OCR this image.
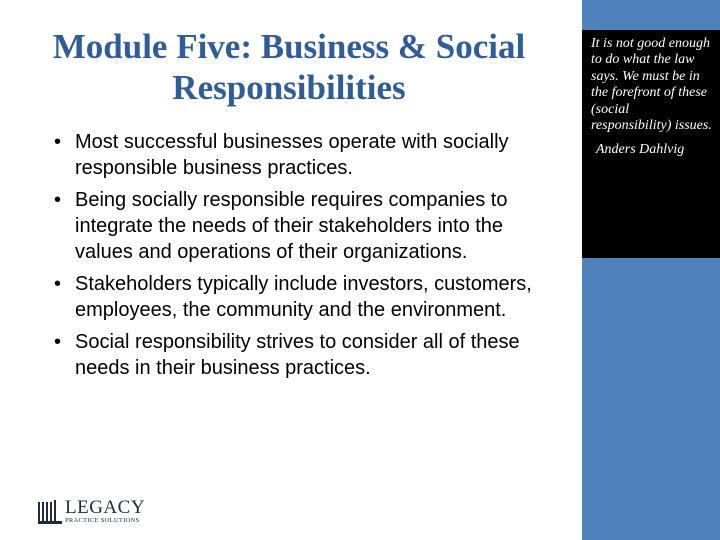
It is not good enough to do what the law says. We must be in the forefront of these (social responsibility) issues.

Anders Dahlvig
Module Five: Business & Social Responsibilities
• Most successful businesses operate with socially responsible business practices.
• Being socially responsible requires companies to integrate the needs of their stakeholders into the values and operations of their organizations.
• Stakeholders typically include investors, customers, employees, the community and the environment.
• Social responsibility strives to consider all of these needs in their business practices.
LEGACY
PRACTICE SOLUTIONS
